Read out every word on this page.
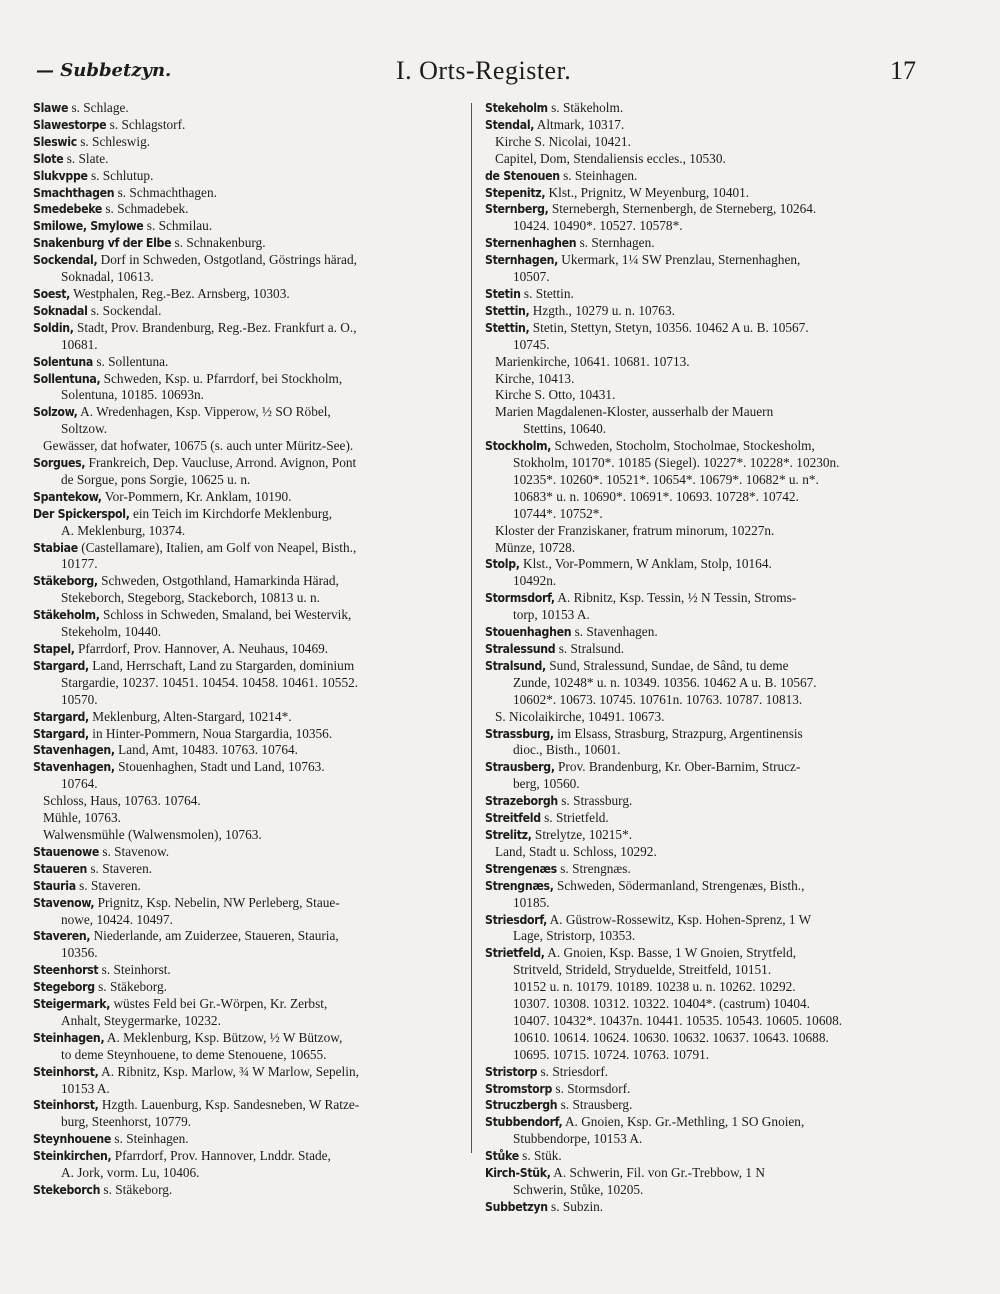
— Subbetzyn.	I. Orts-Register.	17

Slawe s. Schlage.

Slawestorpe s. Schlagstorf.

Sleswic s. Schleswig.

Slote s. Slate.

Slukvppe s. Schlutup.

Smachthagen s. Schmachthagen.

Smedebeke s. Schmadebek.

Smilowe, Smylowe s. Schmilau.

Snakenburg vf der Elbe s. Schnakenburg.

Sockendal, Dorf in Schweden, Ostgotland, Göstrings härad,
Soknadal, 10613.

Soest, Westphalen, Reg.-Bez. Arnsberg, 10303.

Soknadal s. Sockendal.

Soldin, Stadt, Prov. Brandenburg, Reg.-Bez. Frankfurt a. O.,
10681.

Solentuna s. Sollentuna.

Sollentuna, Schweden, Ksp. u. Pfarrdorf, bei Stockholm,
Solentuna, 10185. 10693n.

Solzow, A. Wredenhagen, Ksp. Vipperow, ½ SO Röbel,
Soltzow.

Gewässer, dat hofwater, 10675 (s. auch unter Müritz-See).

Sorgues, Frankreich, Dep. Vaucluse, Arrond. Avignon, Pont
de Sorgue, pons Sorgie, 10625 u. n.

Spantekow, Vor-Pommern, Kr. Anklam, 10190.

Der Spickerspol, ein Teich im Kirchdorfe Meklenburg,
A. Meklenburg, 10374.

Stabiae (Castellamare), Italien, am Golf von Neapel, Bisth.,
10177.

Stäkeborg, Schweden, Ostgothland, Hamarkinda Härad,
Stekeborch, Stegeborg, Stackeborch, 10813 u. n.

Stäkeholm, Schloss in Schweden, Smaland, bei Westervik,
Stekeholm, 10440.

Stapel, Pfarrdorf, Prov. Hannover, A. Neuhaus, 10469.

Stargard, Land, Herrschaft, Land zu Stargarden, dominium
Stargardie, 10237. 10451. 10454. 10458. 10461. 10552.
10570.

Stargard, Meklenburg, Alten-Stargard, 10214*.

Stargard, in Hinter-Pommern, Noua Stargardia, 10356.

Stavenhagen, Land, Amt, 10483. 10763. 10764.

Stavenhagen, Stouenhaghen, Stadt und Land, 10763.
10764.

Schloss, Haus, 10763. 10764.

Mühle, 10763.

Walwensmühle (Walwensmolen), 10763.

Stauenowe s. Stavenow.

Staueren s. Staveren.

Stauria s. Staveren.

Stavenow, Prignitz, Ksp. Nebelin, NW Perleberg, Staue-
nowe, 10424. 10497.

Staveren, Niederlande, am Zuiderzee, Staueren, Stauria,
10356.

Steenhorst s. Steinhorst.

Stegeborg s. Stäkeborg.

Steigermark, wüstes Feld bei Gr.-Wörpen, Kr. Zerbst,
Anhalt, Steygermarke, 10232.

Steinhagen, A. Meklenburg, Ksp. Bützow, ½ W Bützow,
to deme Steynhouene, to deme Stenouene, 10655.

Steinhorst, A. Ribnitz, Ksp. Marlow, ¾ W Marlow, Sepelin,
10153 A.

Steinhorst, Hzgth. Lauenburg, Ksp. Sandesneben, W Ratze-
burg, Steenhorst, 10779.

Steynhouene s. Steinhagen.

Steinkirchen, Pfarrdorf, Prov. Hannover, Lnddr. Stade,
A. Jork, vorm. Lu, 10406.

Stekeborch s. Stäkeborg.

Stekeholm s. Stäkeholm.

Stendal, Altmark, 10317.

Kirche S. Nicolai, 10421.

Capitel, Dom, Stendaliensis eccles., 10530.

de Stenouen s. Steinhagen.

Stepenitz, Klst., Prignitz, W Meyenburg, 10401.

Sternberg, Sternebergh, Sternenbergh, de Sterneberg, 10264.
10424. 10490*. 10527. 10578*.

Sternenhaghen s. Sternhagen.

Sternhagen, Ukermark, 1¼ SW Prenzlau, Sternenhaghen,
10507.

Stetin s. Stettin.

Stettin, Hzgth., 10279 u. n. 10763.

Stettin, Stetin, Stettyn, Stetyn, 10356. 10462 A u. B. 10567.
10745.

Marienkirche, 10641. 10681. 10713.

Kirche, 10413.

Kirche S. Otto, 10431.

Marien Magdalenen-Kloster, ausserhalb der Mauern
Stettins, 10640.

Stockholm, Schweden, Stocholm, Stocholmae, Stockesholm,
Stokholm, 10170*. 10185 (Siegel). 10227*. 10228*. 10230n.
10235*. 10260*. 10521*. 10654*. 10679*. 10682* u. n*.
10683* u. n. 10690*. 10691*. 10693. 10728*. 10742.
10744*. 10752*.

Kloster der Franziskaner, fratrum minorum, 10227n.

Münze, 10728.

Stolp, Klst., Vor-Pommern, W Anklam, Stolp, 10164.
10492n.

Stormsdorf, A. Ribnitz, Ksp. Tessin, ½ N Tessin, Stroms-
torp, 10153 A.

Stouenhaghen s. Stavenhagen.

Stralessund s. Stralsund.

Stralsund, Sund, Stralessund, Sundae, de Sând, tu deme
Zunde, 10248* u. n. 10349. 10356. 10462 A u. B. 10567.
10602*. 10673. 10745. 10761n. 10763. 10787. 10813.

S. Nicolaikirche, 10491. 10673.

Strassburg, im Elsass, Strasburg, Strazpurg, Argentinensis
dioc., Bisth., 10601.

Strausberg, Prov. Brandenburg, Kr. Ober-Barnim, Strucz-
berg, 10560.

Strazeborgh s. Strassburg.

Streitfeld s. Strietfeld.

Strelitz, Strelytze, 10215*.

Land, Stadt u. Schloss, 10292.

Strengenæs s. Strengnæs.

Strengnæs, Schweden, Södermanland, Strengenæs, Bisth.,
10185.

Striesdorf, A. Güstrow-Rossewitz, Ksp. Hohen-Sprenz, 1 W
Lage, Stristorp, 10353.

Strietfeld, A. Gnoien, Ksp. Basse, 1 W Gnoien, Strytfeld,
Stritveld, Strideld, Stryduelde, Streitfeld, 10151.
10152 u. n. 10179. 10189. 10238 u. n. 10262. 10292.
10307. 10308. 10312. 10322. 10404*. (castrum) 10404.
10407. 10432*. 10437n. 10441. 10535. 10543. 10605. 10608.
10610. 10614. 10624. 10630. 10632. 10637. 10643. 10688.
10695. 10715. 10724. 10763. 10791.

Stristorp s. Striesdorf.

Stromstorp s. Stormsdorf.

Struczbergh s. Strausberg.

Stubbendorf, A. Gnoien, Ksp. Gr.-Methling, 1 SO Gnoien,
Stubbendorpe, 10153 A.

Stůke s. Stük.

Kirch-Stük, A. Schwerin, Fil. von Gr.-Trebbow, 1 N
Schwerin, Stůke, 10205.

Subbetzyn s. Subzin.
